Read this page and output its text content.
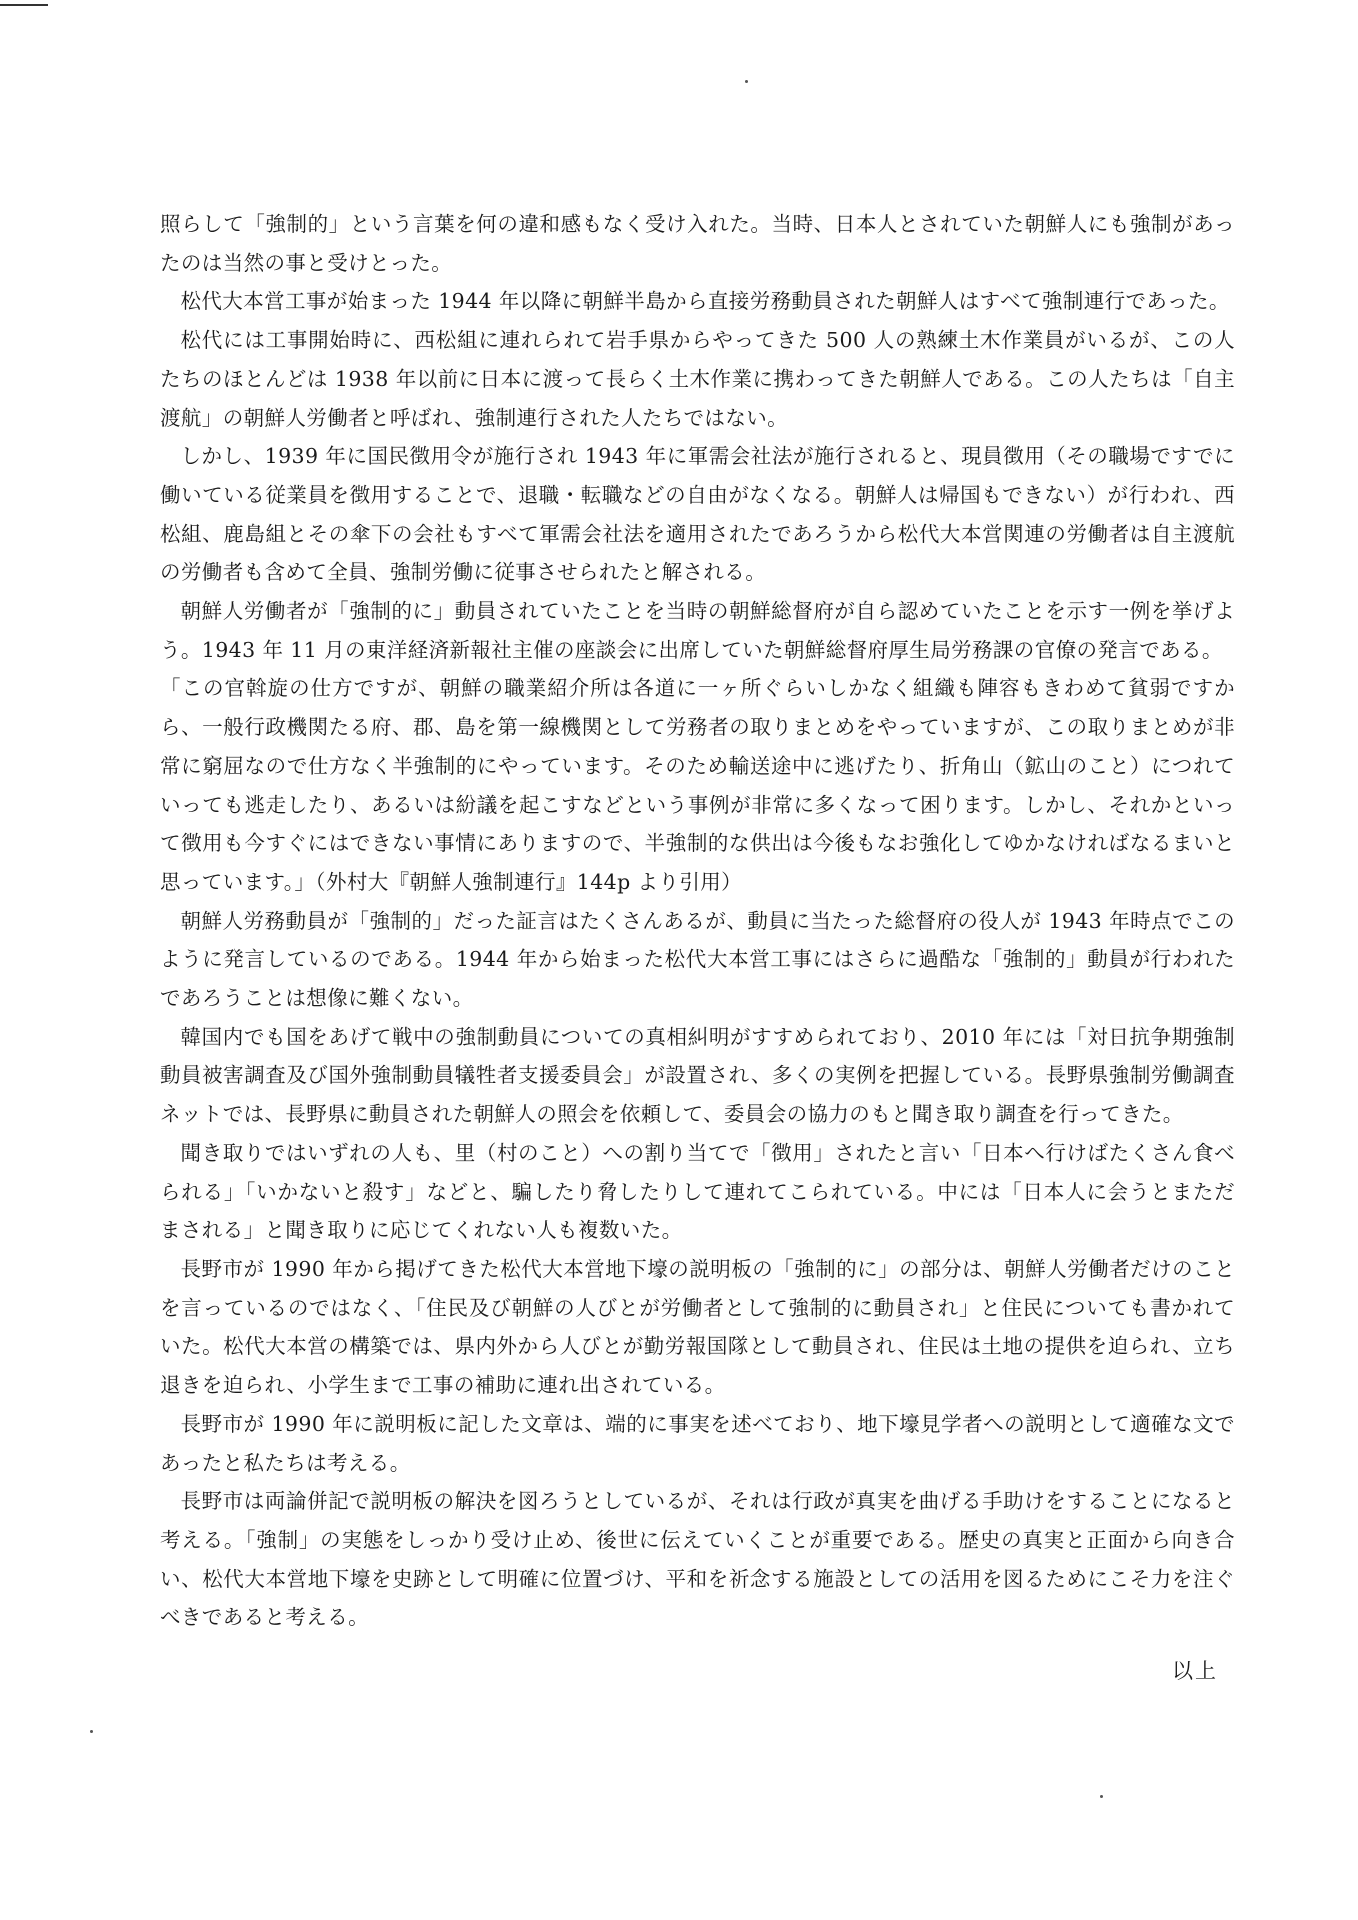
照らして「強制的」という言葉を何の違和感もなく受け入れた。当時、日本人とされていた朝鮮人にも強制があったのは当然の事と受けとった。

松代大本営工事が始まった 1944 年以降に朝鮮半島から直接労務動員された朝鮮人はすべて強制連行であった。

松代には工事開始時に、西松組に連れられて岩手県からやってきた 500 人の熟練土木作業員がいるが、この人たちのほとんどは 1938 年以前に日本に渡って長らく土木作業に携わってきた朝鮮人である。この人たちは「自主渡航」の朝鮮人労働者と呼ばれ、強制連行された人たちではない。

しかし、1939 年に国民徴用令が施行され 1943 年に軍需会社法が施行されると、現員徴用（その職場ですでに働いている従業員を徴用することで、退職・転職などの自由がなくなる。朝鮮人は帰国もできない）が行われ、西松組、鹿島組とその傘下の会社もすべて軍需会社法を適用されたであろうから松代大本営関連の労働者は自主渡航の労働者も含めて全員、強制労働に従事させられたと解される。

朝鮮人労働者が「強制的に」動員されていたことを当時の朝鮮総督府が自ら認めていたことを示す一例を挙げよう。1943 年 11 月の東洋経済新報社主催の座談会に出席していた朝鮮総督府厚生局労務課の官僚の発言である。

「この官斡旋の仕方ですが、朝鮮の職業紹介所は各道に一ヶ所ぐらいしかなく組織も陣容もきわめて貧弱ですから、一般行政機関たる府、郡、島を第一線機関として労務者の取りまとめをやっていますが、この取りまとめが非常に窮屈なので仕方なく半強制的にやっています。そのため輸送途中に逃げたり、折角山（鉱山のこと）につれていっても逃走したり、あるいは紛議を起こすなどという事例が非常に多くなって困ります。しかし、それかといって徴用も今すぐにはできない事情にありますので、半強制的な供出は今後もなお強化してゆかなければなるまいと思っています。」（外村大『朝鮮人強制連行』144p より引用）

朝鮮人労務動員が「強制的」だった証言はたくさんあるが、動員に当たった総督府の役人が 1943 年時点でこのように発言しているのである。1944 年から始まった松代大本営工事にはさらに過酷な「強制的」動員が行われたであろうことは想像に難くない。

韓国内でも国をあげて戦中の強制動員についての真相糾明がすすめられており、2010 年には「対日抗争期強制動員被害調査及び国外強制動員犠牲者支援委員会」が設置され、多くの実例を把握している。長野県強制労働調査ネットでは、長野県に動員された朝鮮人の照会を依頼して、委員会の協力のもと聞き取り調査を行ってきた。

聞き取りではいずれの人も、里（村のこと）への割り当てで「徴用」されたと言い「日本へ行けばたくさん食べられる」「いかないと殺す」などと、騙したり脅したりして連れてこられている。中には「日本人に会うとまただまされる」と聞き取りに応じてくれない人も複数いた。

長野市が 1990 年から掲げてきた松代大本営地下壕の説明板の「強制的に」の部分は、朝鮮人労働者だけのことを言っているのではなく、「住民及び朝鮮の人びとが労働者として強制的に動員され」と住民についても書かれていた。松代大本営の構築では、県内外から人びとが勤労報国隊として動員され、住民は土地の提供を迫られ、立ち退きを迫られ、小学生まで工事の補助に連れ出されている。

長野市が 1990 年に説明板に記した文章は、端的に事実を述べており、地下壕見学者への説明として適確な文であったと私たちは考える。

長野市は両論併記で説明板の解決を図ろうとしているが、それは行政が真実を曲げる手助けをすることになると考える。「強制」の実態をしっかり受け止め、後世に伝えていくことが重要である。歴史の真実と正面から向き合い、松代大本営地下壕を史跡として明確に位置づけ、平和を祈念する施設としての活用を図るためにこそ力を注ぐべきであると考える。

以上
